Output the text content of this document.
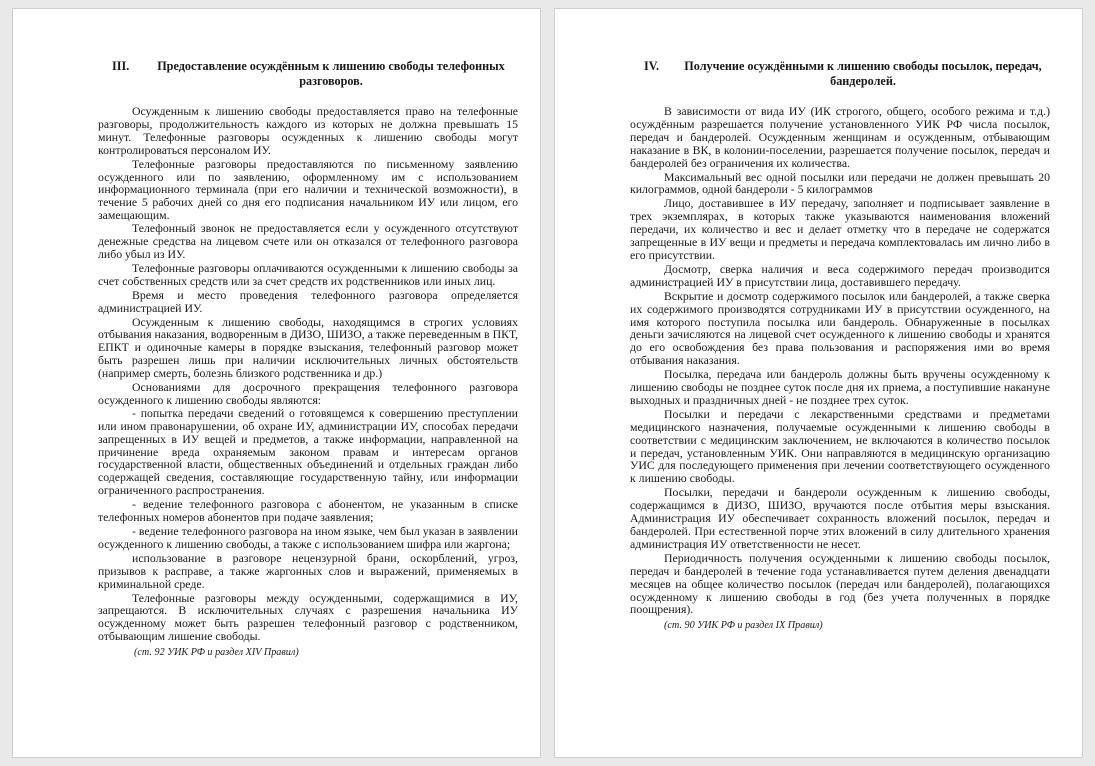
III.	Предоставление осуждённым к лишению свободы телефонных разговоров.

Осужденным к лишению свободы предоставляется право на телефонные разговоры, продолжительность каждого из которых не должна превышать 15 минут. Телефонные разговоры осужденных к лишению свободы могут контролироваться персоналом ИУ.

Телефонные разговоры предоставляются по письменному заявлению осужденного или по заявлению, оформленному им с использованием информационного терминала (при его наличии и технической возможности), в течение 5 рабочих дней со дня его подписания начальником ИУ или лицом, его замещающим.

Телефонный звонок не предоставляется если у осужденного отсутствуют денежные средства на лицевом счете или он отказался от телефонного разговора либо убыл из ИУ.

Телефонные разговоры оплачиваются осужденными к лишению свободы за счет собственных средств или за счет средств их родственников или иных лиц.

Время и место проведения телефонного разговора определяется администрацией ИУ.

Осужденным к лишению свободы, находящимся в строгих условиях отбывания наказания, водворенным в ДИЗО, ШИЗО, а также переведенным в ПКТ, ЕПКТ и одиночные камеры в порядке взыскания, телефонный разговор может быть разрешен лишь при наличии исключительных личных обстоятельств (например смерть, болезнь близкого родственника и др.)

Основаниями для досрочного прекращения телефонного разговора осужденного к лишению свободы являются:

- попытка передачи сведений о готовящемся к совершению преступлении или ином правонарушении, об охране ИУ, администрации ИУ, способах передачи запрещенных в ИУ вещей и предметов, а также информации, направленной на причинение вреда охраняемым законом правам и интересам органов государственной власти, общественных объединений и отдельных граждан либо содержащей сведения, составляющие государственную тайну, или информации ограниченного распространения.

- ведение телефонного разговора с абонентом, не указанным в списке телефонных номеров абонентов при подаче заявления;

- ведение телефонного разговора на ином языке, чем был указан в заявлении осужденного к лишению свободы, а также с использованием шифра или жаргона;

использование в разговоре нецензурной брани, оскорблений, угроз, призывов к расправе, а также жаргонных слов и выражений, применяемых в криминальной среде.

Телефонные разговоры между осужденными, содержащимися в ИУ, запрещаются. В исключительных случаях с разрешения начальника ИУ осужденному может быть разрешен телефонный разговор с родственником, отбывающим лишение свободы.

(ст. 92 УИК РФ и раздел XIV Правил)

IV.	Получение осуждёнными к лишению свободы посылок, передач, бандеролей.

В зависимости от вида ИУ (ИК строгого, общего, особого режима и т.д.) осуждённым разрешается получение установленного УИК РФ числа посылок, передач и бандеролей. Осужденным женщинам и осужденным, отбывающим наказание в ВК, в колонии-поселении, разрешается получение посылок, передач и бандеролей без ограничения их количества.

Максимальный вес одной посылки или передачи не должен превышать 20 килограммов, одной бандероли - 5 килограммов

Лицо, доставившее в ИУ передачу, заполняет и подписывает заявление в трех экземплярах, в которых также указываются наименования вложений передачи, их количество и вес и делает отметку что в передаче не содержатся запрещенные в ИУ вещи и предметы и передача комплектовалась им лично либо в его присутствии.

Досмотр, сверка наличия и веса содержимого передач производится администрацией ИУ в присутствии лица, доставившего передачу.

Вскрытие и досмотр содержимого посылок или бандеролей, а также сверка их содержимого производятся сотрудниками ИУ в присутствии осужденного, на имя которого поступила посылка или бандероль. Обнаруженные в посылках деньги зачисляются на лицевой счет осужденного к лишению свободы и хранятся до его освобождения без права пользования и распоряжения ими во время отбывания наказания.

Посылка, передача или бандероль должны быть вручены осужденному к лишению свободы не позднее суток после дня их приема, а поступившие накануне выходных и праздничных дней - не позднее трех суток.

Посылки и передачи с лекарственными средствами и предметами медицинского назначения, получаемые осужденными к лишению свободы в соответствии с медицинским заключением, не включаются в количество посылок и передач, установленным УИК. Они направляются в медицинскую организацию УИС для последующего применения при лечении соответствующего осужденного к лишению свободы.

Посылки, передачи и бандероли осужденным к лишению свободы, содержащимся в ДИЗО, ШИЗО, вручаются после отбытия меры взыскания. Администрация ИУ обеспечивает сохранность вложений посылок, передач и бандеролей. При естественной порче этих вложений в силу длительного хранения администрация ИУ ответственности не несет.

Периодичность получения осужденными к лишению свободы посылок, передач и бандеролей в течение года устанавливается путем деления двенадцати месяцев на общее количество посылок (передач или бандеролей), полагающихся осужденному к лишению свободы в год (без учета полученных в порядке поощрения).

(ст. 90 УИК РФ и раздел IX Правил)
